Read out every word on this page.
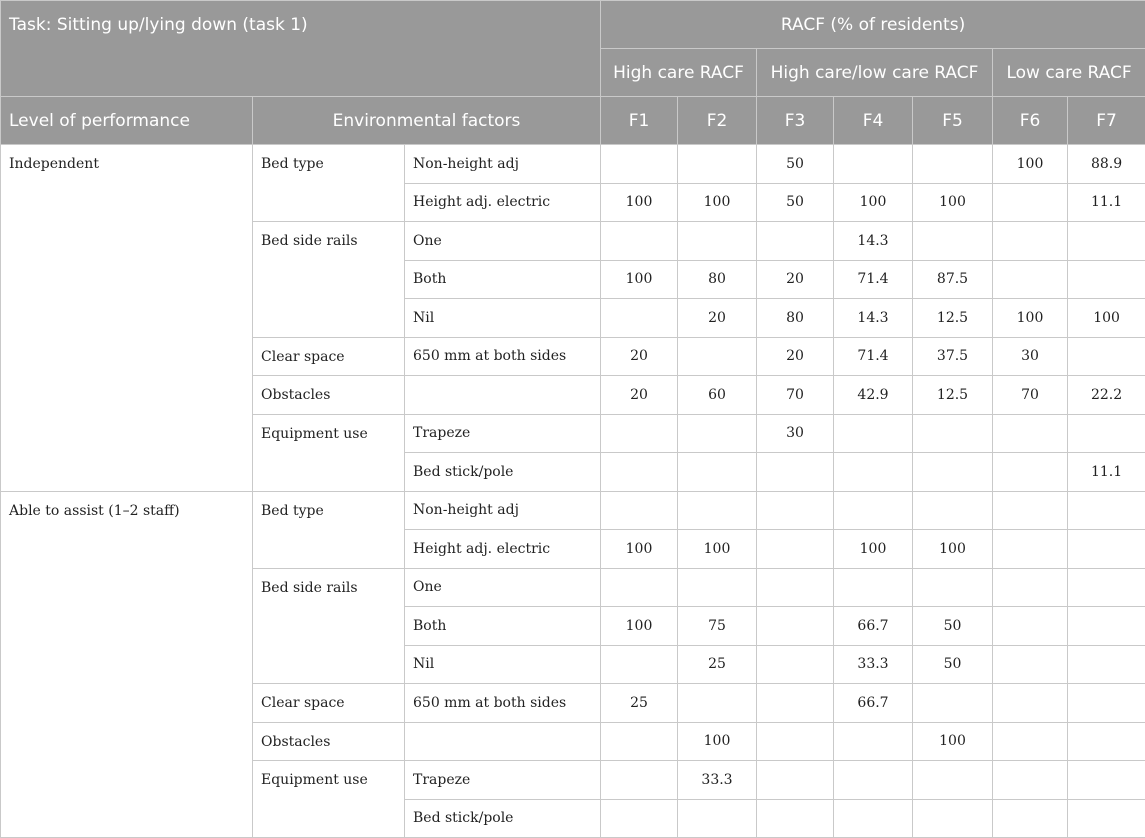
Task: Sitting up/lying down (task 1)			RACF (% of residents)						
			High care RACF		High care/low care RACF			Low care RACF	
Level of performance	Environmental factors		F1	F2	F3	F4	F5	F6	F7
Independent	Bed type	Non-height adj			50			100	88.9
		Height adj. electric	100	100	50	100	100		11.1
	Bed side rails	One				14.3			
		Both	100	80	20	71.4	87.5		
		Nil		20	80	14.3	12.5	100	100
	Clear space	650 mm at both sides	20		20	71.4	37.5	30	
	Obstacles		20	60	70	42.9	12.5	70	22.2
	Equipment use	Trapeze			30				
		Bed stick/pole							11.1
Able to assist (1–2 staff)	Bed type	Non-height adj							
		Height adj. electric	100	100		100	100		
	Bed side rails	One							
		Both	100	75		66.7	50		
		Nil		25		33.3	50		
	Clear space	650 mm at both sides	25			66.7			
	Obstacles			100			100		
	Equipment use	Trapeze		33.3					
		Bed stick/pole							
